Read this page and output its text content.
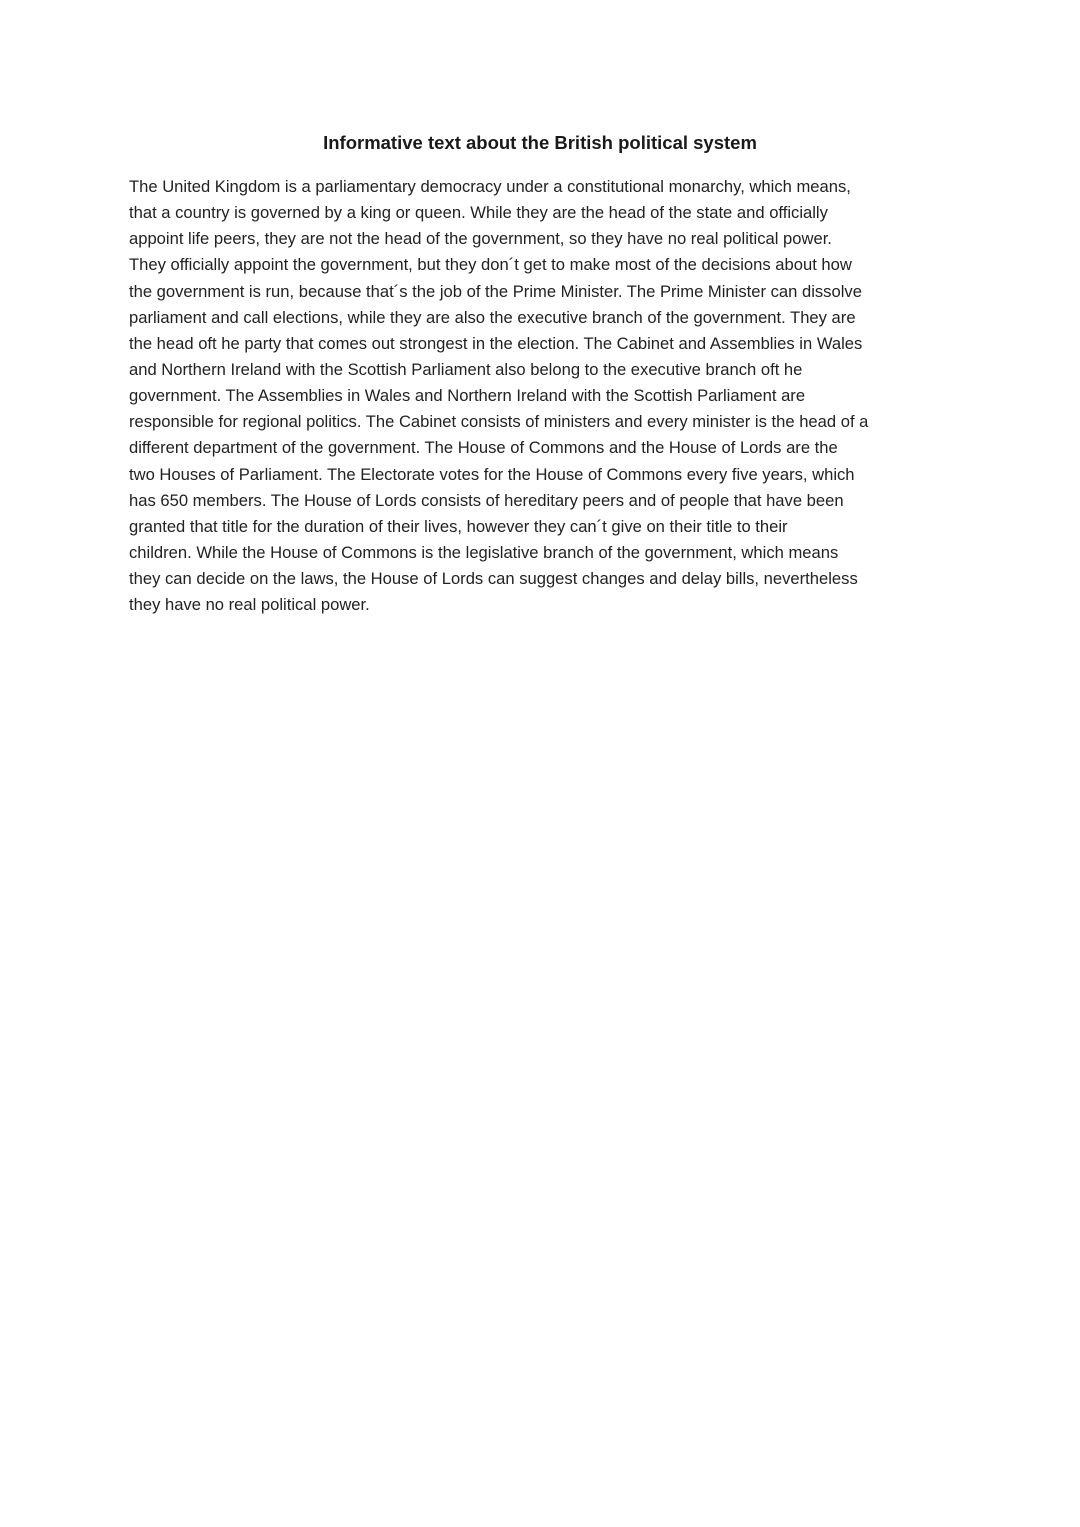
Informative text about the British political system
The United Kingdom is a parliamentary democracy under a constitutional monarchy, which means,
that a country is governed by a king or queen. While they are the head of the state and officially
appoint life peers, they are not the head of the government, so they have no real political power.
They officially appoint the government, but they don´t get to make most of the decisions about how
the government is run, because that´s the job of the Prime Minister. The Prime Minister can dissolve
parliament and call elections, while they are also the executive branch of the government. They are
the head oft he party that comes out strongest in the election. The Cabinet and Assemblies in Wales
and Northern Ireland with the Scottish Parliament also belong to the executive branch oft he
government. The Assemblies in Wales and Northern Ireland with the Scottish Parliament are
responsible for regional politics. The Cabinet consists of ministers and every minister is the head of a
different department of the government. The House of Commons and the House of Lords are the
two Houses of Parliament. The Electorate votes for the House of Commons every five years, which
has 650 members. The House of Lords consists of hereditary peers and of people that have been
granted that title for the duration of their lives, however they can´t give on their title to their
children. While the House of Commons is the legislative branch of the government, which means
they can decide on the laws, the House of Lords can suggest changes and delay bills, nevertheless
they have no real political power.
